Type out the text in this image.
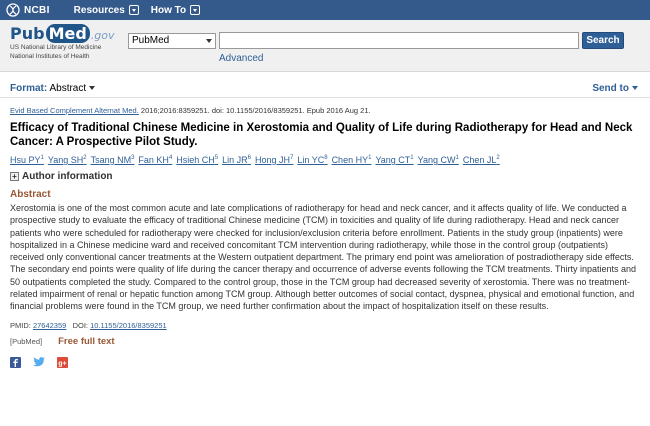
NCBI Resources	How To
Pub Med .gov
US National Library of Medicine
National Institutes of Health
PubMed	Search
Advanced
Format: Abstract	Send to
Evid Based Complement Alternat Med. 2016;2016:8359251. doi: 10.1155/2016/8359251. Epub 2016 Aug 21.
Efficacy of Traditional Chinese Medicine in Xerostomia and Quality of Life during Radiotherapy for Head and Neck Cancer: A Prospective Pilot Study.
Hsu $PY^1$ Yang $SH^2$ Tsang $NM^3$ Fan $KH^4$ Hsieh $CH^5$ Lin $JR^6$ Hong $JH^7$ Lin $YC^8$ Chen $HY^1$ Yang $CT^1$ Yang $CW^1$ Chen $JL^2$
+ Author information
Abstract
Xerostomia is one of the most common acute and late complications of radiotherapy for head and neck cancer, and it affects quality of life. We conducted a prospective study to evaluate the efficacy of traditional Chinese medicine (TCM) in toxicities and quality of life during radiotherapy. Head and neck cancer patients who were scheduled for radiotherapy were checked for inclusion/exclusion criteria before enrollment. Patients in the study group (inpatients) were hospitalized in a Chinese medicine ward and received concomitant TCM intervention during radiotherapy, while those in the control group (outpatients) received only conventional cancer treatments at the Western outpatient department. The primary end point was amelioration of postradiotherapy side effects. The secondary end points were quality of life during the cancer therapy and occurrence of adverse events following the TCM treatments. Thirty inpatients and 50 outpatients completed the study. Compared to the control group, those in the TCM group had decreased severity of xerostomia. There was no treatment-related impairment of renal or hepatic function among TCM group. Although better outcomes of social contact, dyspnea, physical and emotional function, and financial problems were found in the TCM group, we need further confirmation about the impact of hospitalization itself on these results.
PMID: 27642359 DOI: 10.1155/2016/8359251
[PubMed] Free full text
g+
